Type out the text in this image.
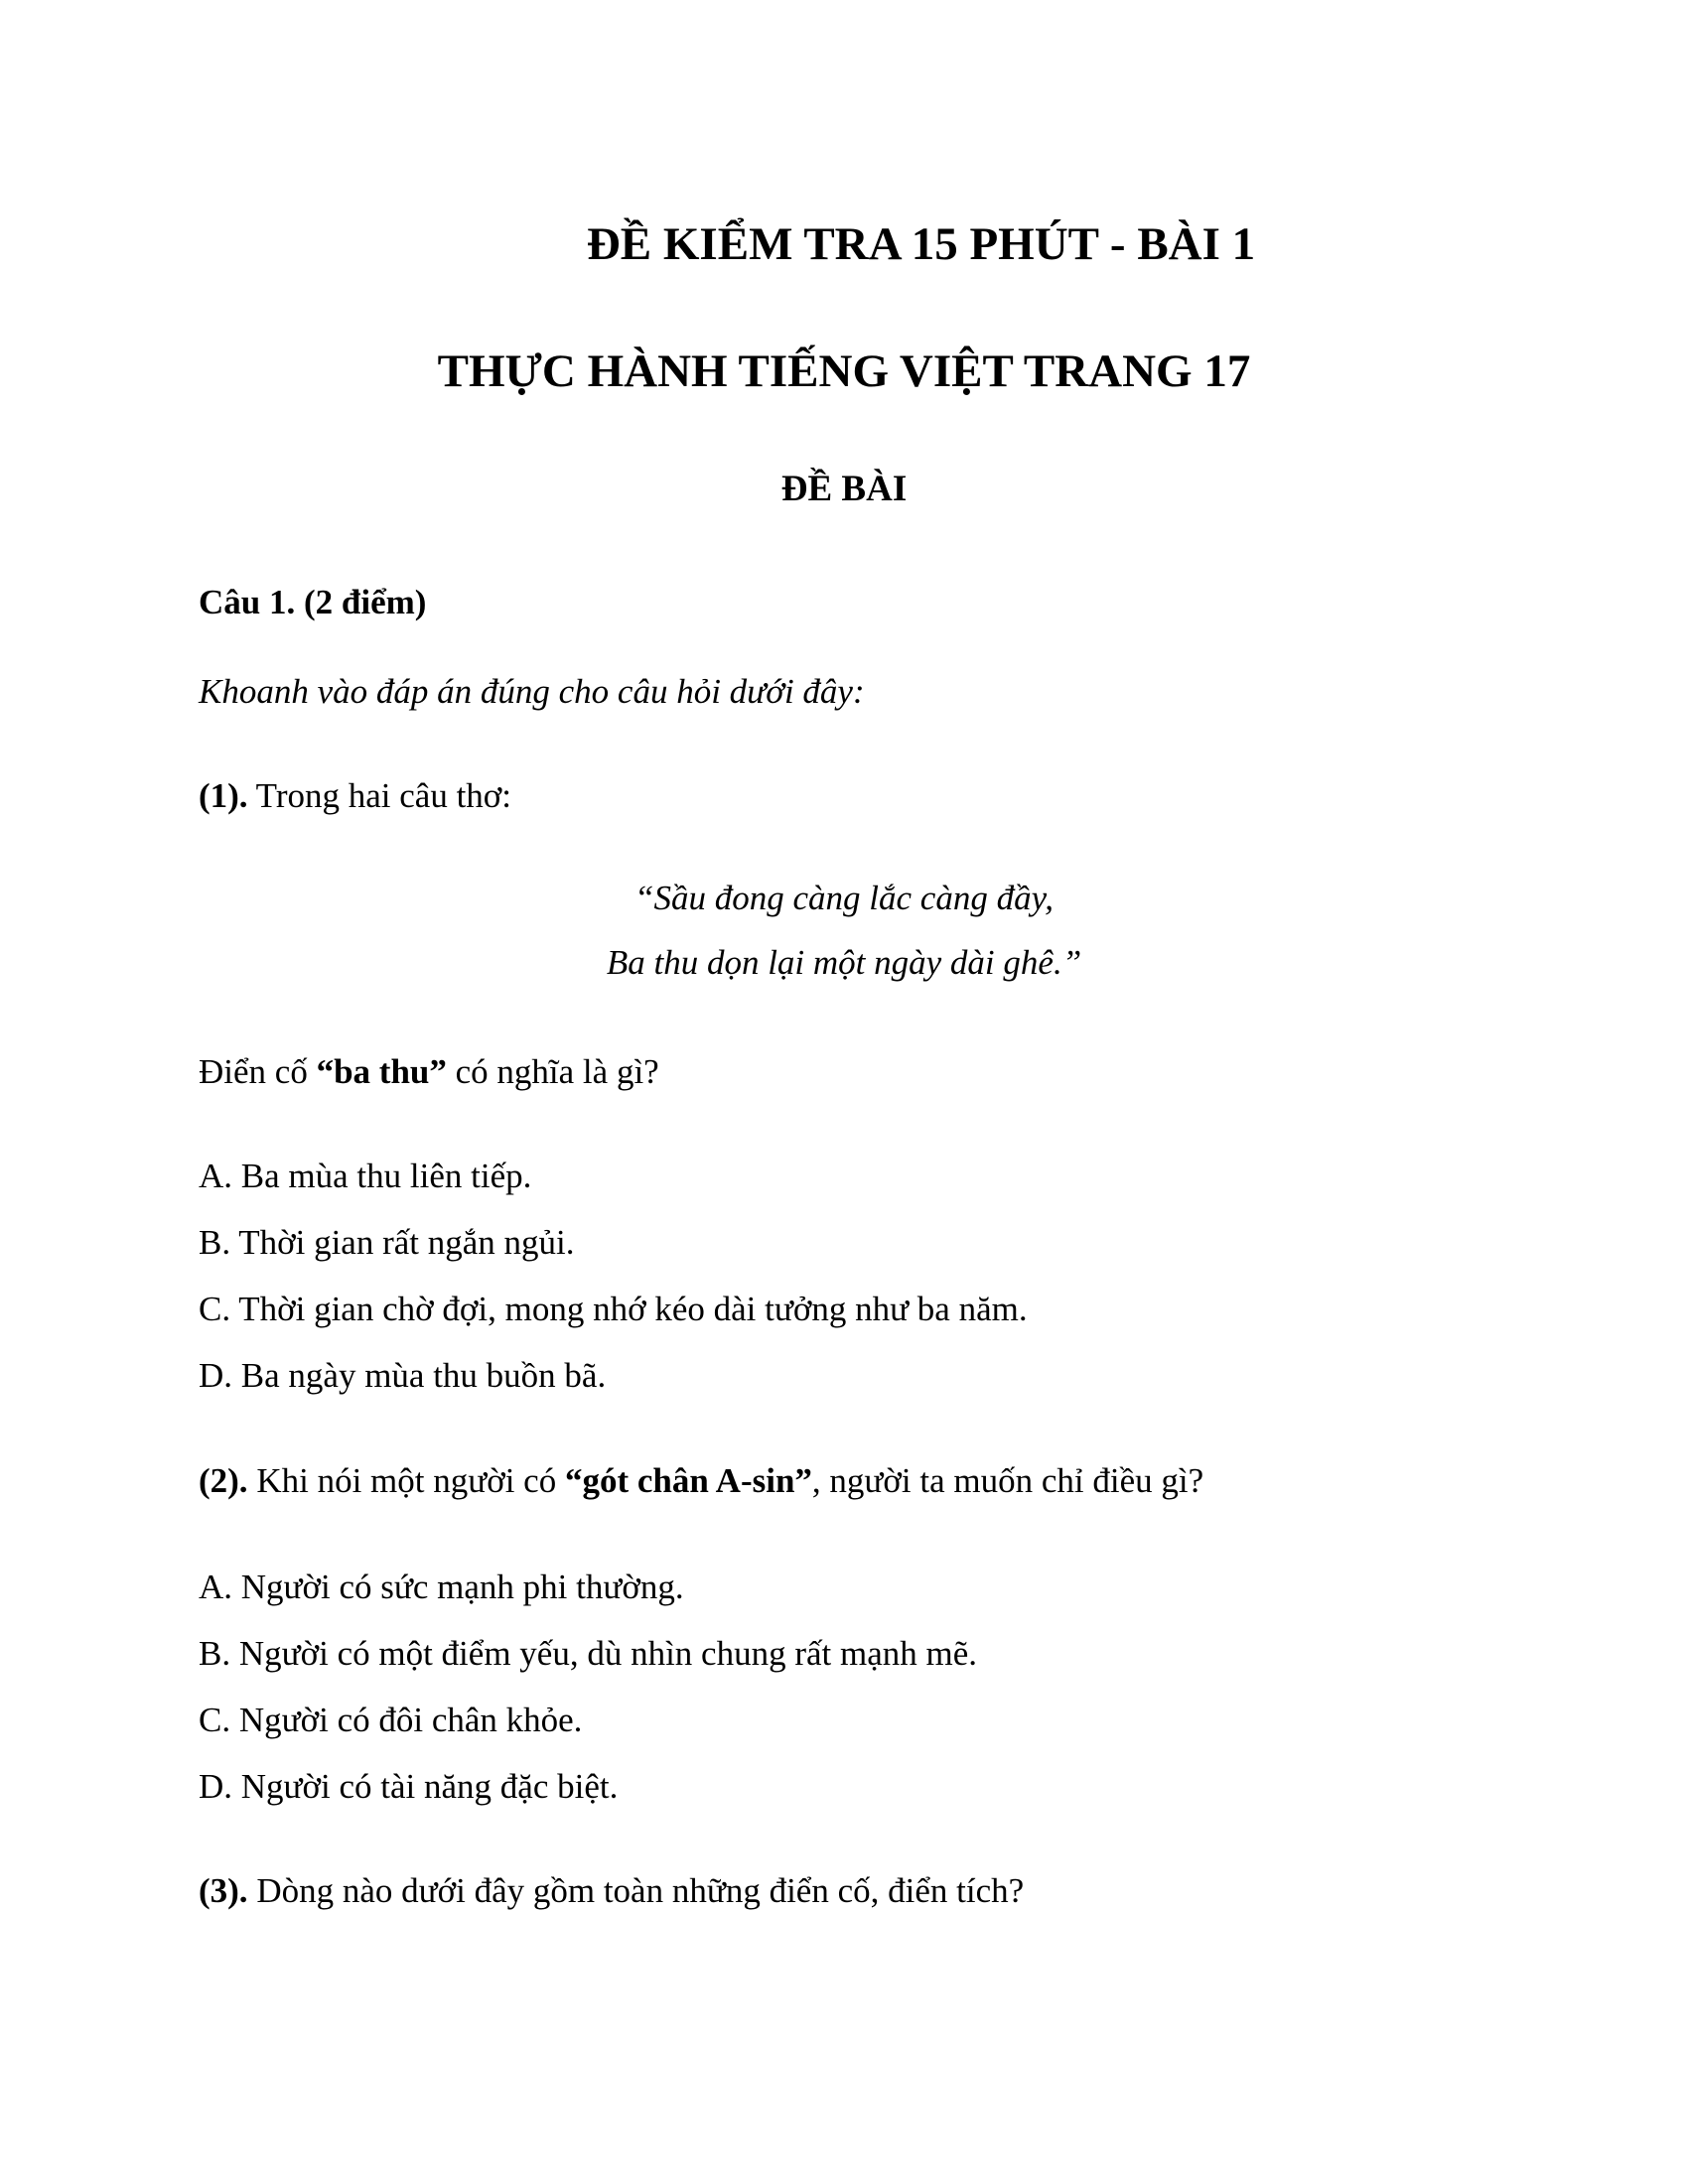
ĐỀ KIỂM TRA 15 PHÚT - BÀI 1
THỰC HÀNH TIẾNG VIỆT TRANG 17
ĐỀ BÀI
Câu 1. (2 điểm)
Khoanh vào đáp án đúng cho câu hỏi dưới đây:
(1). Trong hai câu thơ:
“Sầu đong càng lắc càng đầy,
Ba thu dọn lại một ngày dài ghê.”
Điển cố “ba thu” có nghĩa là gì?
A. Ba mùa thu liên tiếp.
B. Thời gian rất ngắn ngủi.
C. Thời gian chờ đợi, mong nhớ kéo dài tưởng như ba năm.
D. Ba ngày mùa thu buồn bã.
(2). Khi nói một người có “gót chân A-sin”, người ta muốn chỉ điều gì?
A. Người có sức mạnh phi thường.
B. Người có một điểm yếu, dù nhìn chung rất mạnh mẽ.
C. Người có đôi chân khỏe.
D. Người có tài năng đặc biệt.
(3). Dòng nào dưới đây gồm toàn những điển cố, điển tích?
